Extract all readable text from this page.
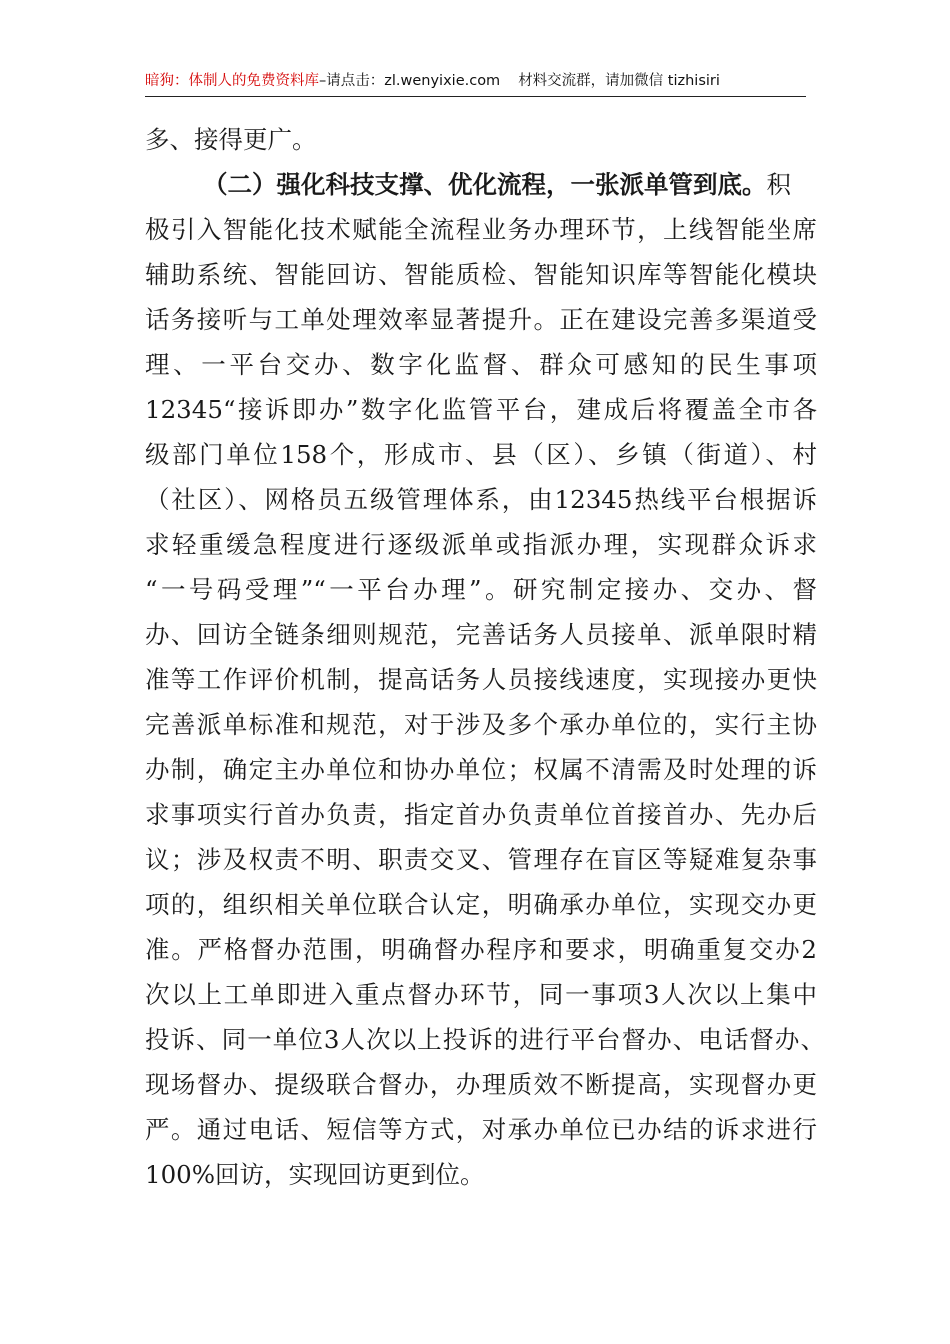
暗狗：体制人的免费资料库–请点击：zl.wenyixie.com 材料交流群，请加微信 tizhisiri
多、接得更广。
（二）强化科技支撑、优化流程，一张派单管到底。积
极引入智能化技术赋能全流程业务办理环节，上线智能坐席
辅助系统、智能回访、智能质检、智能知识库等智能化模块
话务接听与工单处理效率显著提升。正在建设完善多渠道受
理、一平台交办、数字化监督、群众可感知的民生事项
12345“接诉即办”数字化监管平台，建成后将覆盖全市各
级部门单位158个，形成市、县（区）、乡镇（街道）、村
（社区）、网格员五级管理体系，由12345热线平台根据诉
求轻重缓急程度进行逐级派单或指派办理，实现群众诉求
“一号码受理”“一平台办理”。研究制定接办、交办、督
办、回访全链条细则规范，完善话务人员接单、派单限时精
准等工作评价机制，提高话务人员接线速度，实现接办更快
完善派单标准和规范，对于涉及多个承办单位的，实行主协
办制，确定主办单位和协办单位；权属不清需及时处理的诉
求事项实行首办负责，指定首办负责单位首接首办、先办后
议；涉及权责不明、职责交叉、管理存在盲区等疑难复杂事
项的，组织相关单位联合认定，明确承办单位，实现交办更
准。严格督办范围，明确督办程序和要求，明确重复交办2
次以上工单即进入重点督办环节，同一事项3人次以上集中
投诉、同一单位3人次以上投诉的进行平台督办、电话督办、
现场督办、提级联合督办，办理质效不断提高，实现督办更
严。通过电话、短信等方式，对承办单位已办结的诉求进行
100%回访，实现回访更到位。
